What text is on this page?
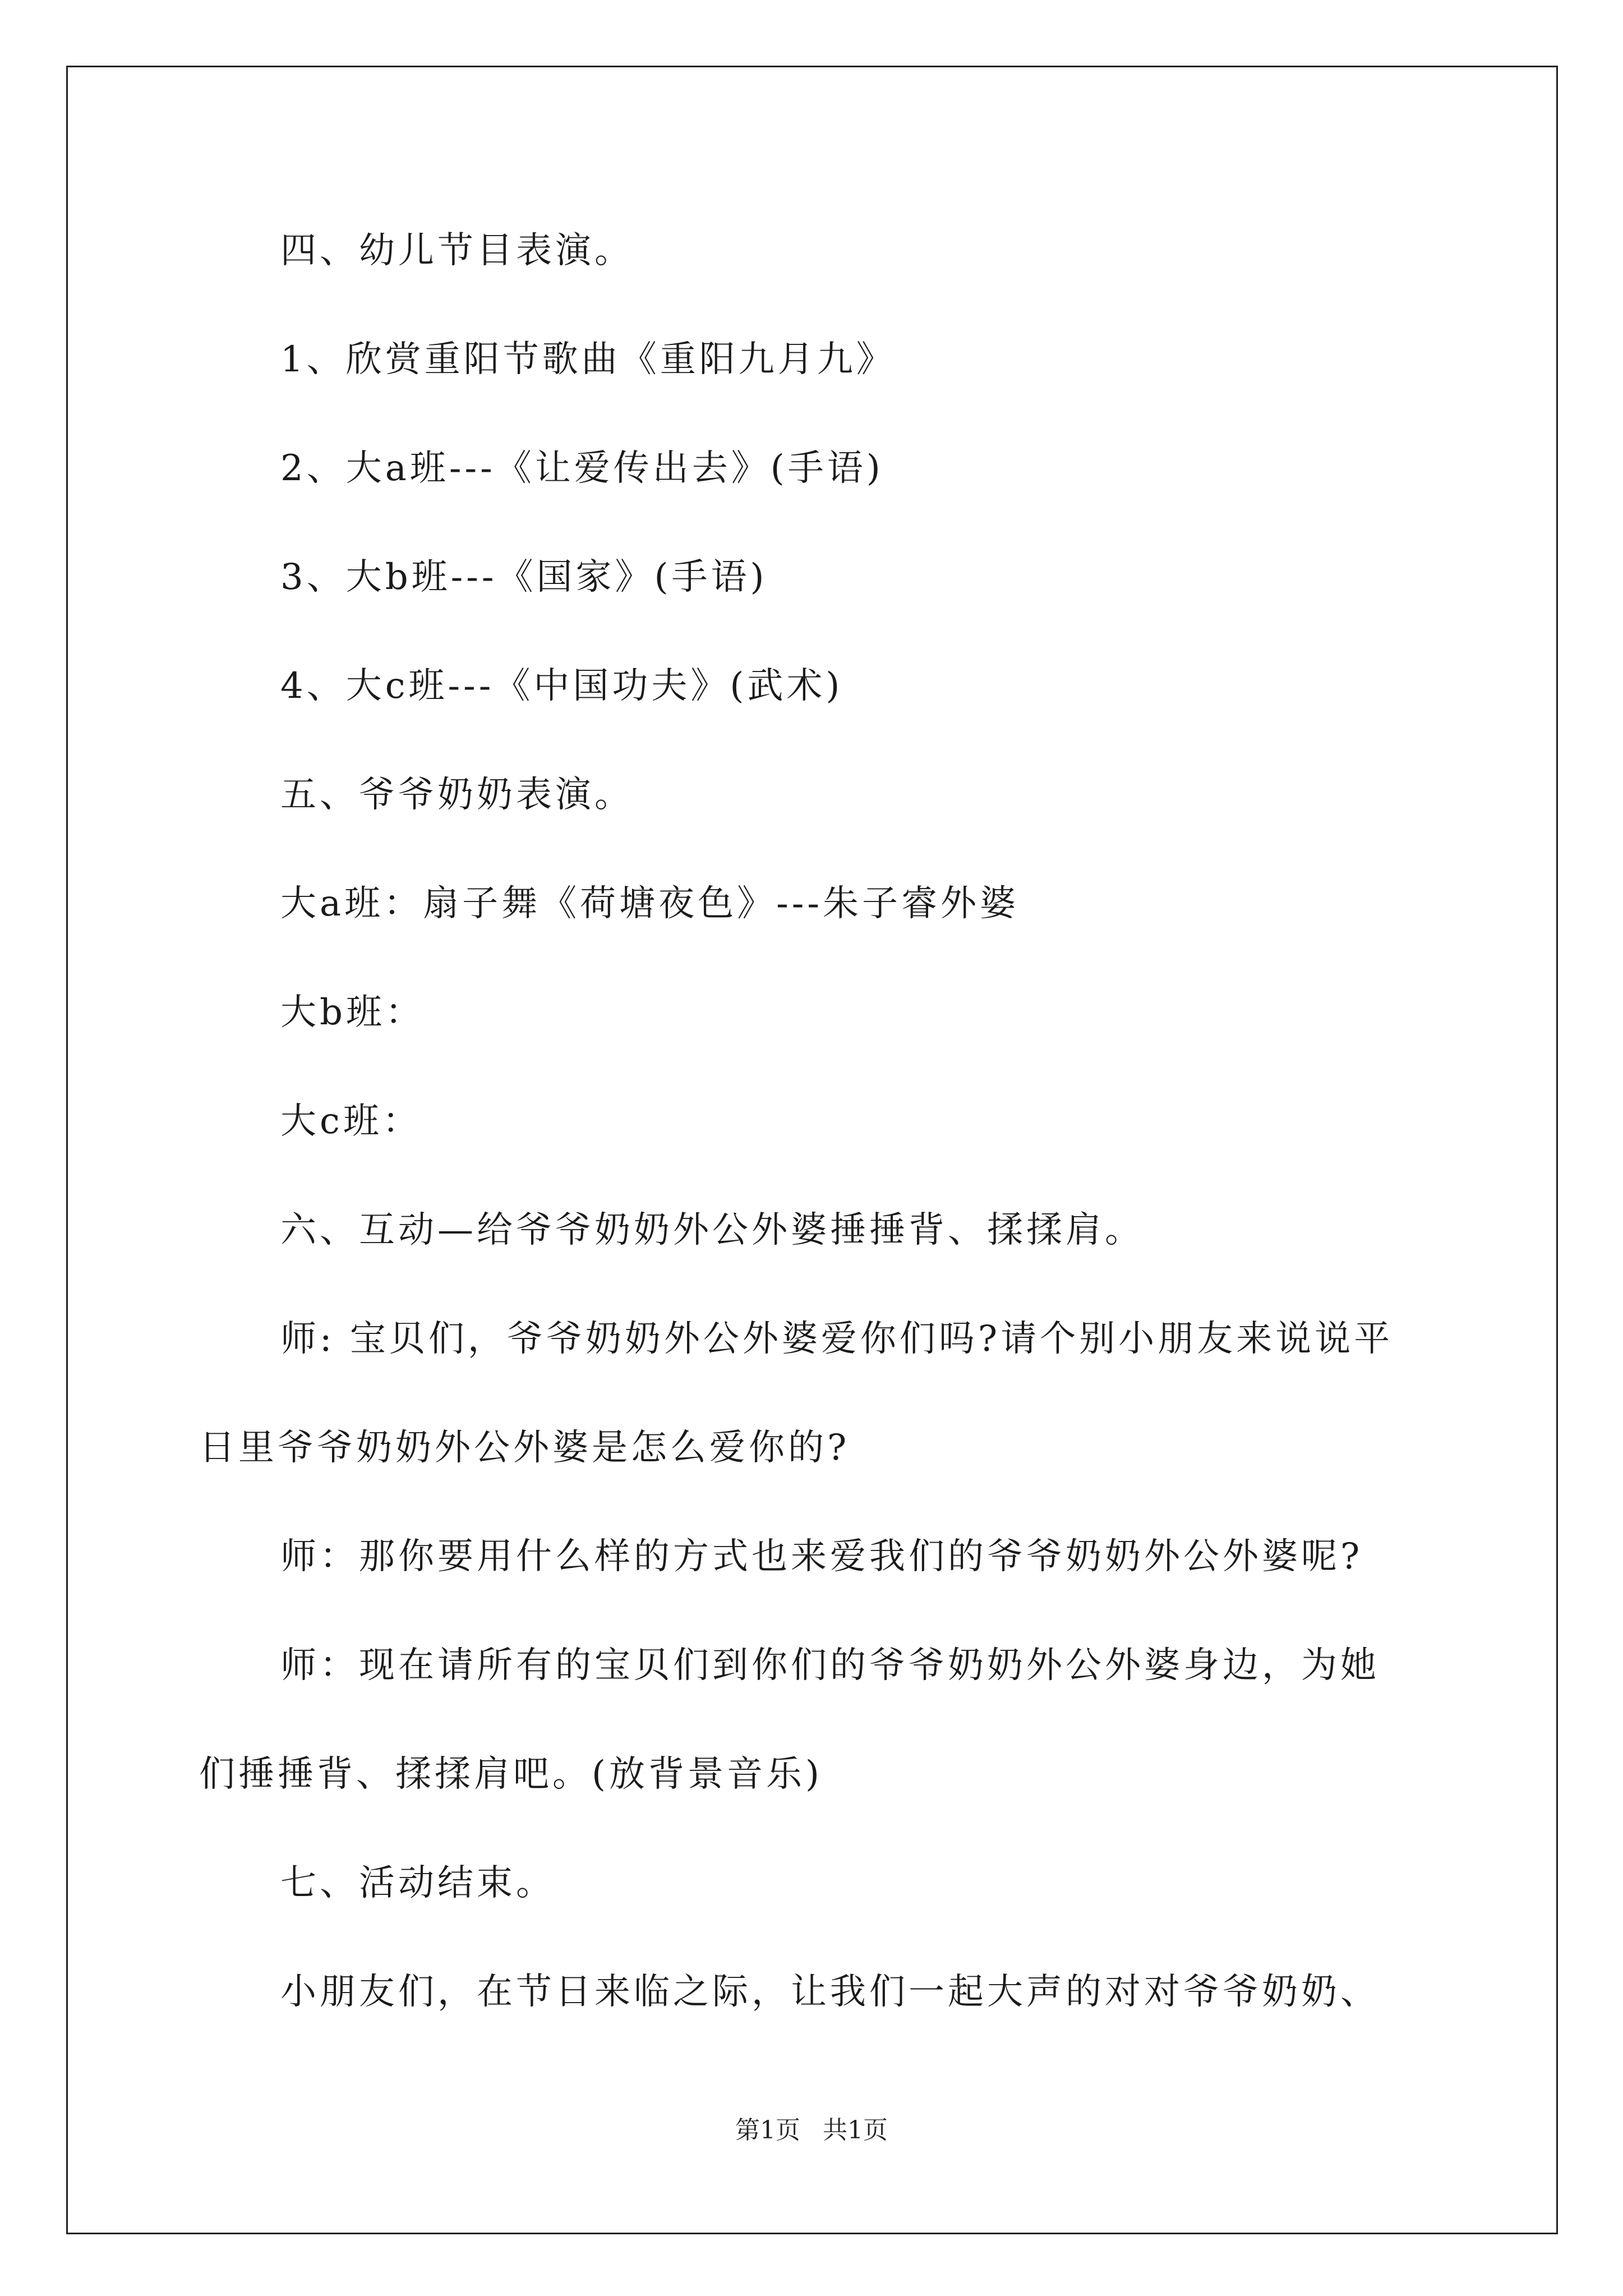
四、幼儿节目表演。
1、欣赏重阳节歌曲《重阳九月九》
2、大a班---《让爱传出去》(手语)
3、大b班---《国家》(手语)
4、大c班---《中国功夫》(武术)
五、爷爷奶奶表演。
大a班：扇子舞《荷塘夜色》---朱子睿外婆
大b班：
大c班：
六、互动—给爷爷奶奶外公外婆捶捶背、揉揉肩。
师: 宝贝们，爷爷奶奶外公外婆爱你们吗?请个别小朋友来说说平
日里爷爷奶奶外公外婆是怎么爱你的?
师：那你要用什么样的方式也来爱我们的爷爷奶奶外公外婆呢?
师：现在请所有的宝贝们到你们的爷爷奶奶外公外婆身边，为她
们捶捶背、揉揉肩吧。(放背景音乐)
七、活动结束。
小朋友们，在节日来临之际，让我们一起大声的对对爷爷奶奶、
第1页 共1页
